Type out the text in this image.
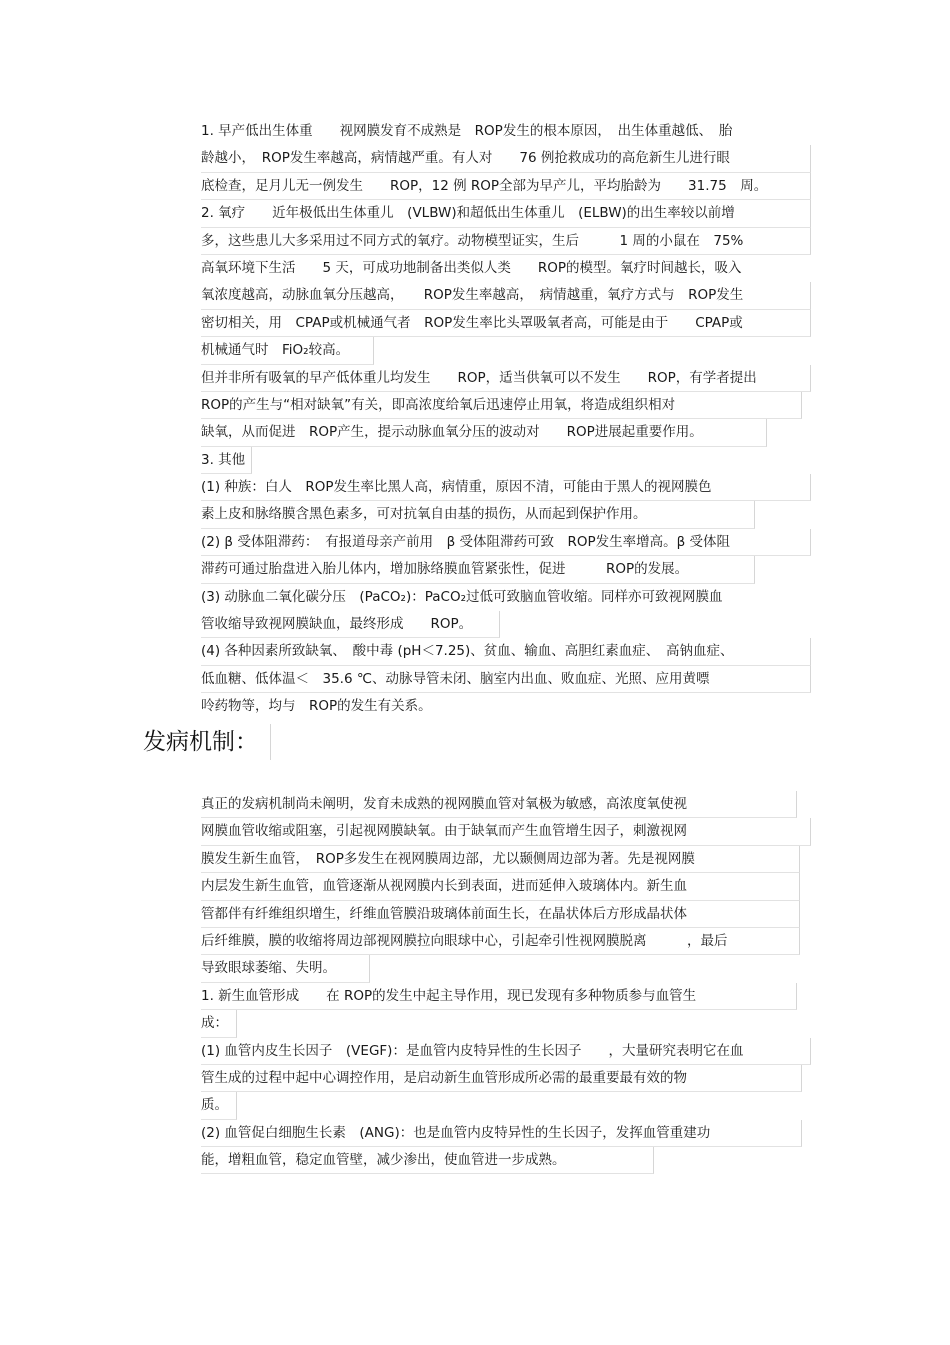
1. 早产低出生体重　　视网膜发育不成熟是　ROP发生的根本原因，　出生体重越低、　胎
龄越小，　ROP发生率越高，病情越严重。有人对　　76 例抢救成功的高危新生儿进行眼
底检查，足月儿无一例发生　　ROP，12 例 ROP全部为早产儿，平均胎龄为　　31.75　周。
2. 氧疗　　近年极低出生体重儿　(VLBW)和超低出生体重儿　(ELBW)的出生率较以前增
多，这些患儿大多采用过不同方式的氧疗。动物模型证实，生后　　　1 周的小鼠在　75%
高氧环境下生活　　5 天，可成功地制备出类似人类　　ROP的模型。氧疗时间越长，吸入
氧浓度越高，动脉血氧分压越高，　　ROP发生率越高，　病情越重，氧疗方式与　ROP发生
密切相关，用　CPAP或机械通气者　ROP发生率比头罩吸氧者高，可能是由于　　CPAP或
机械通气时　FiO₂较高。
但并非所有吸氧的早产低体重儿均发生　　ROP，适当供氧可以不发生　　ROP，有学者提出
ROP的产生与“相对缺氧”有关，即高浓度给氧后迅速停止用氧，将造成组织相对
缺氧，从而促进　ROP产生，提示动脉血氧分压的波动对　　ROP进展起重要作用。
3. 其他
(1) 种族：白人　ROP发生率比黑人高，病情重，原因不清，可能由于黑人的视网膜色
素上皮和脉络膜含黑色素多，可对抗氧自由基的损伤，从而起到保护作用。
(2) β 受体阻滞药：　有报道母亲产前用　β 受体阻滞药可致　ROP发生率增高。β 受体阻
滞药可通过胎盘进入胎儿体内，增加脉络膜血管紧张性，促进　　　ROP的发展。
(3) 动脉血二氧化碳分压　(PaCO₂)：PaCO₂过低可致脑血管收缩。同样亦可致视网膜血
管收缩导致视网膜缺血，最终形成　　ROP。
(4) 各种因素所致缺氧、　酸中毒 (pH＜7.25)、贫血、输血、高胆红素血症、　高钠血症、
低血糖、低体温＜　35.6 ℃、动脉导管未闭、脑室内出血、败血症、光照、应用黄嘌
呤药物等，均与　ROP的发生有关系。
发病机制：
真正的发病机制尚未阐明，发育未成熟的视网膜血管对氧极为敏感，高浓度氧使视
网膜血管收缩或阻塞，引起视网膜缺氧。由于缺氧而产生血管增生因子，刺激视网
膜发生新生血管，　ROP多发生在视网膜周边部，尤以颞侧周边部为著。先是视网膜
内层发生新生血管，血管逐渐从视网膜内长到表面，进而延伸入玻璃体内。新生血
管都伴有纤维组织增生，纤维血管膜沿玻璃体前面生长，在晶状体后方形成晶状体
后纤维膜，膜的收缩将周边部视网膜拉向眼球中心，引起牵引性视网膜脱离　　　，最后
导致眼球萎缩、失明。
1. 新生血管形成　　在 ROP的发生中起主导作用，现已发现有多种物质参与血管生
成：
(1) 血管内皮生长因子　(VEGF)：是血管内皮特异性的生长因子　　，大量研究表明它在血
管生成的过程中起中心调控作用，是启动新生血管形成所必需的最重要最有效的物
质。
(2) 血管促白细胞生长素　(ANG)：也是血管内皮特异性的生长因子，发挥血管重建功
能，增粗血管，稳定血管壁，减少渗出，使血管进一步成熟。
